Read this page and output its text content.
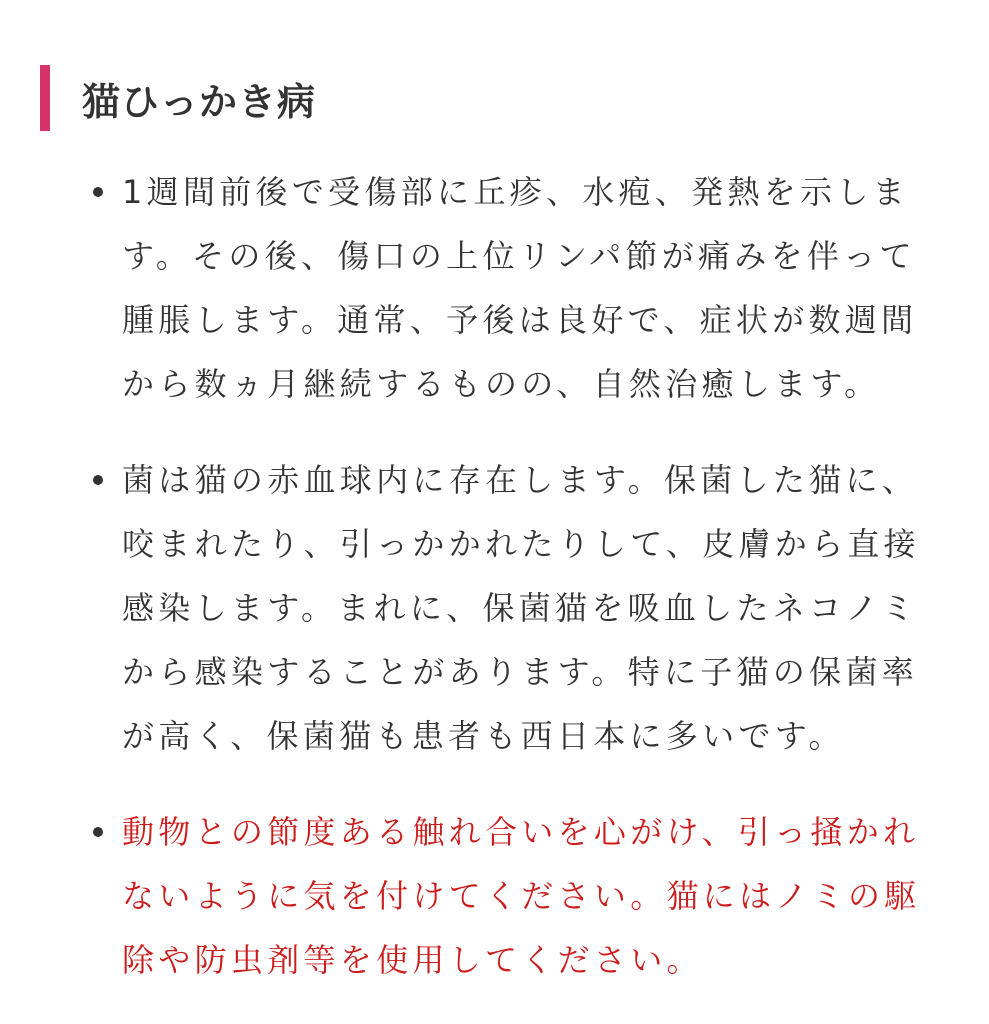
猫ひっかき病
1週間前後で受傷部に丘疹、水疱、発熱を示します。その後、傷口の上位リンパ節が痛みを伴って腫脹します。通常、予後は良好で、症状が数週間から数ヵ月継続するものの、自然治癒します。
菌は猫の赤血球内に存在します。保菌した猫に、咬まれたり、引っかかれたりして、皮膚から直接感染します。まれに、保菌猫を吸血したネコノミから感染することがあります。特に子猫の保菌率が高く、保菌猫も患者も西日本に多いです。
動物との節度ある触れ合いを心がけ、引っ掻かれないように気を付けてください。猫にはノミの駆除や防虫剤等を使用してください。
